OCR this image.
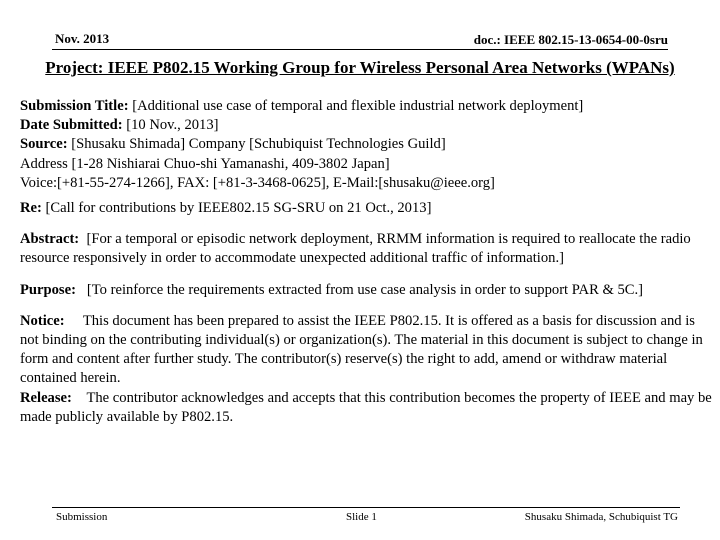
Nov. 2013	doc.: IEEE 802.15-13-0654-00-0sru
Project: IEEE P802.15 Working Group for Wireless Personal Area Networks (WPANs)

Submission Title: [Additional use case of temporal and flexible industrial network deployment]

Date Submitted: [10 Nov., 2013]

Source: [Shusaku Shimada] Company [Schubiquist Technologies Guild]

Address [1-28 Nishiarai Chuo-shi Yamanashi, 409-3802 Japan]

Voice:[+81-55-274-1266], FAX: [+81-3-3468-0625], E-Mail:[shusaku@ieee.org]

Re: [Call for contributions by IEEE802.15 SG-SRU on 21 Oct., 2013]

Abstract: [For a temporal or episodic network deployment, RRMM information is required to reallocate the radio resource responsively in order to accommodate unexpected additional traffic of information.]

Purpose: [To reinforce the requirements extracted from use case analysis in order to support PAR & 5C.]

Notice: This document has been prepared to assist the IEEE P802.15. It is offered as a basis for discussion and is not binding on the contributing individual(s) or organization(s). The material in this document is subject to change in form and content after further study. The contributor(s) reserve(s) the right to add, amend or withdraw material contained herein.

Release: The contributor acknowledges and accepts that this contribution becomes the property of IEEE and may be made publicly available by P802.15.

Submission	Slide 1	Shusaku Shimada, Schubiquist TG
